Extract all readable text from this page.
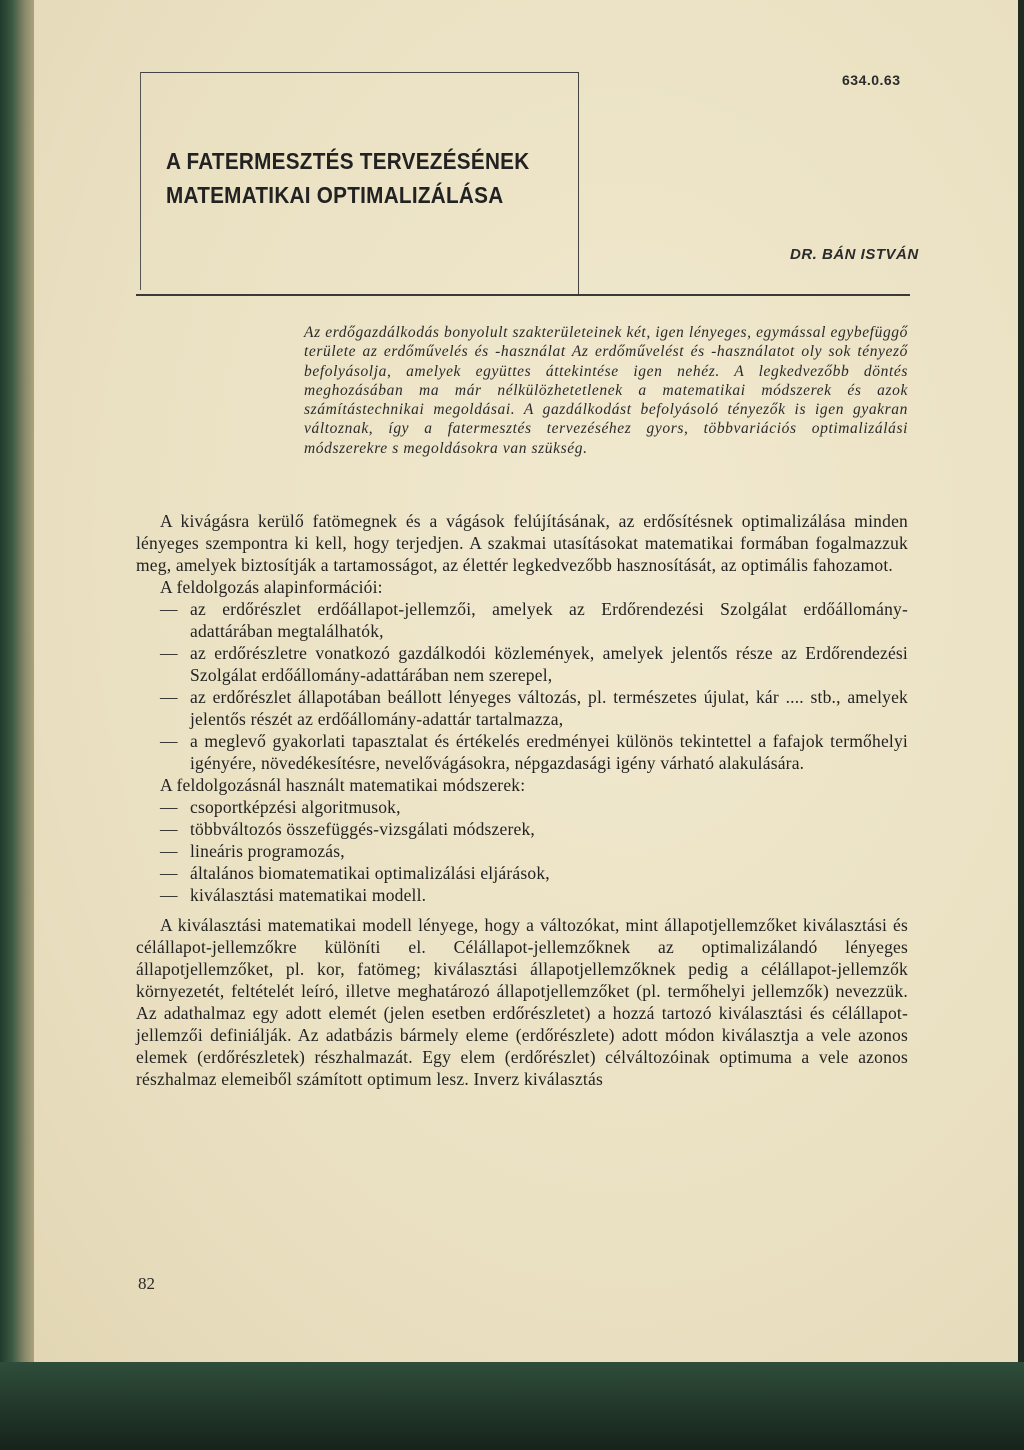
634.0.63
A FATERMESZTÉS TERVEZÉSÉNEK
MATEMATIKAI OPTIMALIZÁLÁSA
DR. BÁN ISTVÁN

Az erdőgazdálkodás bonyolult szakterületeinek két, igen lényeges, egymással egybefüggő területe az erdőművelés és -használat Az erdőművelést és -használatot oly sok tényező befolyásolja, amelyek együttes áttekintése igen nehéz. A legkedvezőbb döntés meghozásában ma már nélkülözhetetlenek a matematikai módszerek és azok számítástechnikai megoldásai. A gazdálkodást befolyásoló tényezők is igen gyakran változnak, így a fatermesztés tervezéséhez gyors, többvariációs optimalizálási módszerekre s megoldásokra van szükség.

A kivágásra kerülő fatömegnek és a vágások felújításának, az erdősítésnek optimalizálása minden lényeges szempontra ki kell, hogy terjedjen. A szakmai utasításokat matematikai formában fogalmazzuk meg, amelyek biztosítják a tartamosságot, az élettér legkedvezőbb hasznosítását, az optimális fahozamot.

A feldolgozás alapinformációi:

— az erdőrészlet erdőállapot-jellemzői, amelyek az Erdőrendezési Szolgálat erdőállomány-adattárában megtalálhatók,
— az erdőrészletre vonatkozó gazdálkodói közlemények, amelyek jelentős része az Erdőrendezési Szolgálat erdőállomány-adattárában nem szerepel,
— az erdőrészlet állapotában beállott lényeges változás, pl. természetes újulat, kár .... stb., amelyek jelentős részét az erdőállomány-adattár tartalmazza,
— a meglevő gyakorlati tapasztalat és értékelés eredményei különös tekintettel a fafajok termőhelyi igényére, növedékesítésre, nevelővágásokra, népgazdasági igény várható alakulására.

A feldolgozásnál használt matematikai módszerek:

— csoportképzési algoritmusok,
— többváltozós összefüggés-vizsgálati módszerek,
— lineáris programozás,
— általános biomatematikai optimalizálási eljárások,
— kiválasztási matematikai modell.

A kiválasztási matematikai modell lényege, hogy a változókat, mint állapotjellemzőket kiválasztási és célállapot-jellemzőkre különíti el. Célállapot-jellemzőknek az optimalizálandó lényeges állapotjellemzőket, pl. kor, fatömeg; kiválasztási állapotjellemzőknek pedig a célállapot-jellemzők környezetét, feltételét leíró, illetve meghatározó állapotjellemzőket (pl. termőhelyi jellemzők) nevezzük. Az adathalmaz egy adott elemét (jelen esetben erdőrészletet) a hozzá tartozó kiválasztási és célállapot-jellemzői definiálják. Az adatbázis bármely eleme (erdőrészlete) adott módon kiválasztja a vele azonos elemek (erdőrészletek) részhalmazát. Egy elem (erdőrészlet) célváltozóinak optimuma a vele azonos részhalmaz elemeiből számított optimum lesz. Inverz kiválasztás

82
